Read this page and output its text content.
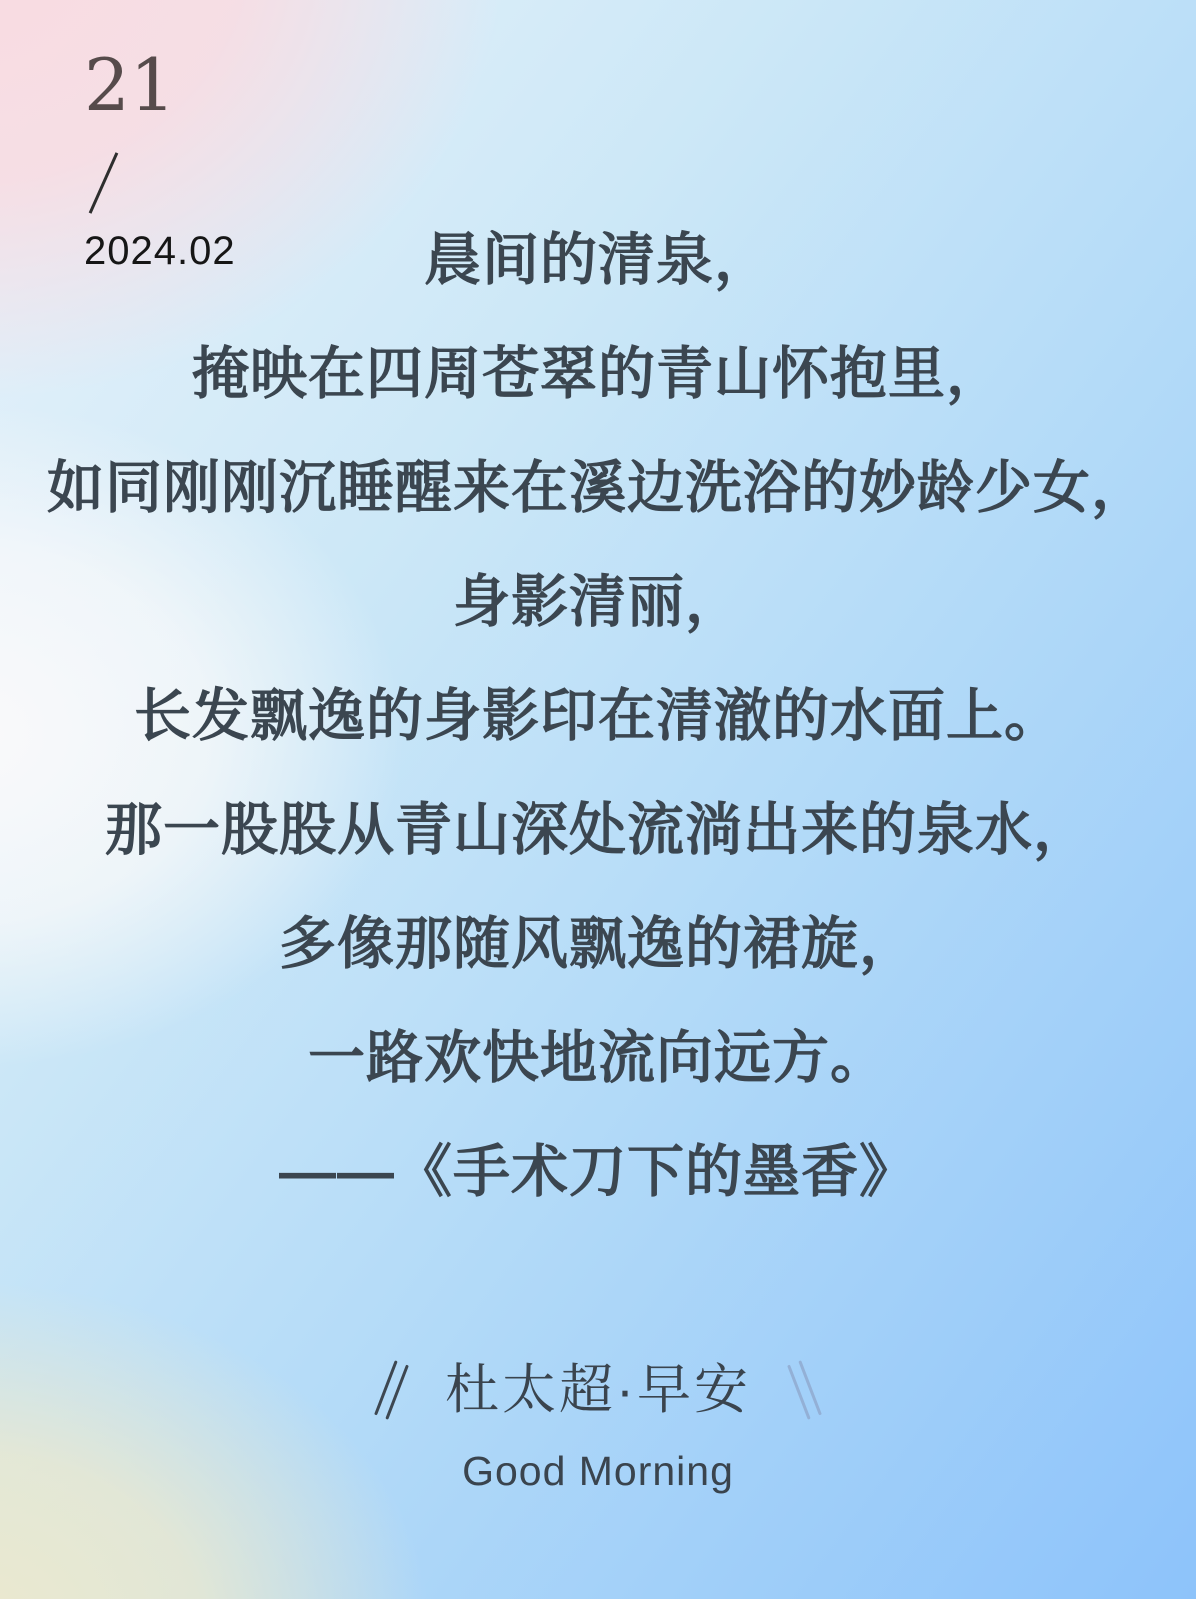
21
2024.02	晨间的清泉，
掩映在四周苍翠的青山怀抱里，
如同刚刚沉睡醒来在溪边洗浴的妙龄少女，
身影清丽，
长发飘逸的身影印在清澈的水面上。
那一股股从青山深处流淌出来的泉水，
多像那随风飘逸的裙旋，
一路欢快地流向远方。
——《手术刀下的墨香》
杜太超·早安
Good Morning
